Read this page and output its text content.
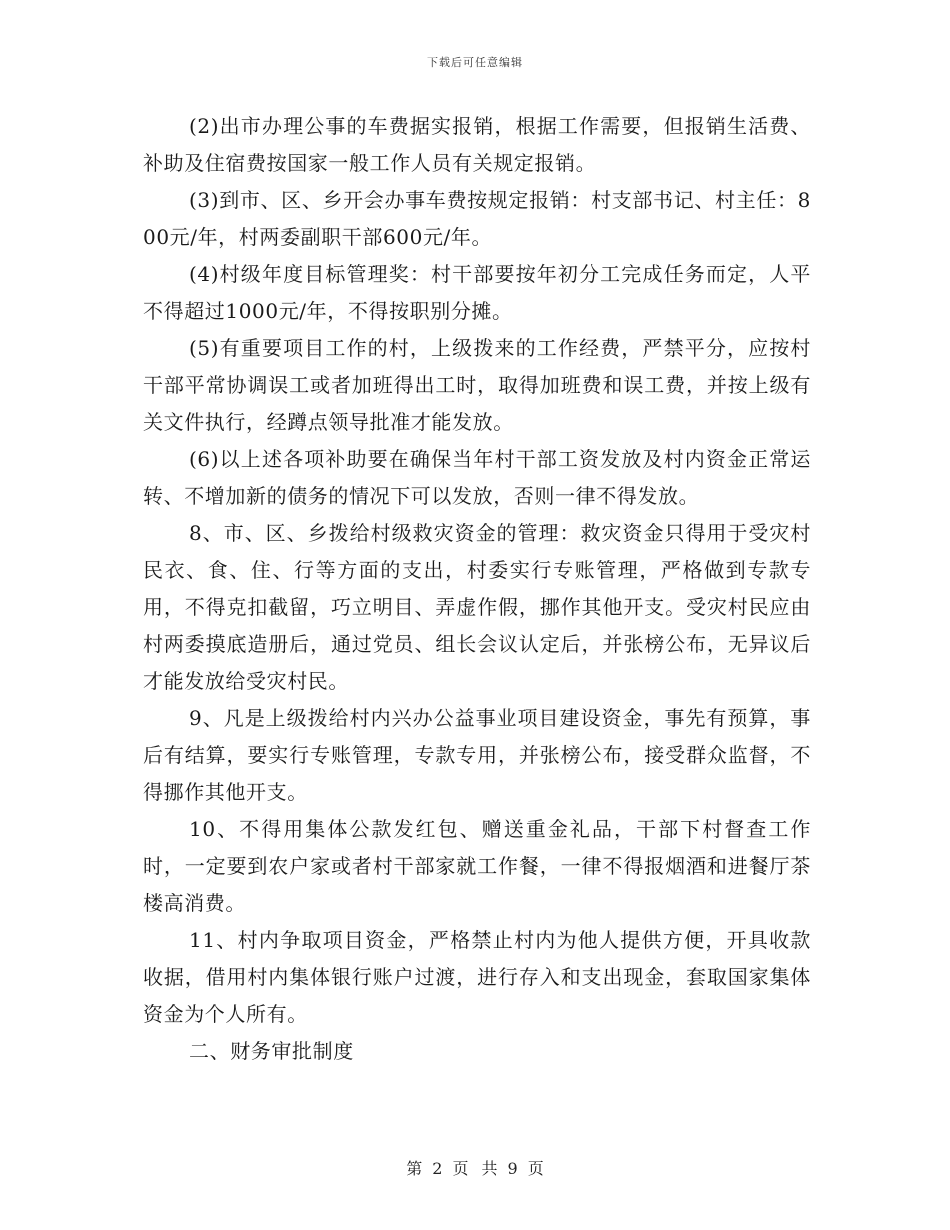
下载后可任意编辑

(2)出市办理公事的车费据实报销，根据工作需要，但报销生活费、补助及住宿费按国家一般工作人员有关规定报销。

(3)到市、区、乡开会办事车费按规定报销：村支部书记、村主任：800元/年，村两委副职干部600元/年。

(4)村级年度目标管理奖：村干部要按年初分工完成任务而定，人平不得超过1000元/年，不得按职别分摊。

(5)有重要项目工作的村，上级拨来的工作经费，严禁平分，应按村干部平常协调误工或者加班得出工时，取得加班费和误工费，并按上级有关文件执行，经蹲点领导批准才能发放。

(6)以上述各项补助要在确保当年村干部工资发放及村内资金正常运转、不增加新的债务的情况下可以发放，否则一律不得发放。

8、市、区、乡拨给村级救灾资金的管理：救灾资金只得用于受灾村民衣、食、住、行等方面的支出，村委实行专账管理，严格做到专款专用，不得克扣截留，巧立明目、弄虚作假，挪作其他开支。受灾村民应由村两委摸底造册后，通过党员、组长会议认定后，并张榜公布，无异议后才能发放给受灾村民。

9、凡是上级拨给村内兴办公益事业项目建设资金，事先有预算，事后有结算，要实行专账管理，专款专用，并张榜公布，接受群众监督，不得挪作其他开支。

10、不得用集体公款发红包、赠送重金礼品，干部下村督查工作时，一定要到农户家或者村干部家就工作餐，一律不得报烟酒和进餐厅茶楼高消费。

11、村内争取项目资金，严格禁止村内为他人提供方便，开具收款收据，借用村内集体银行账户过渡，进行存入和支出现金，套取国家集体资金为个人所有。

二、财务审批制度

第 2 页 共 9 页
